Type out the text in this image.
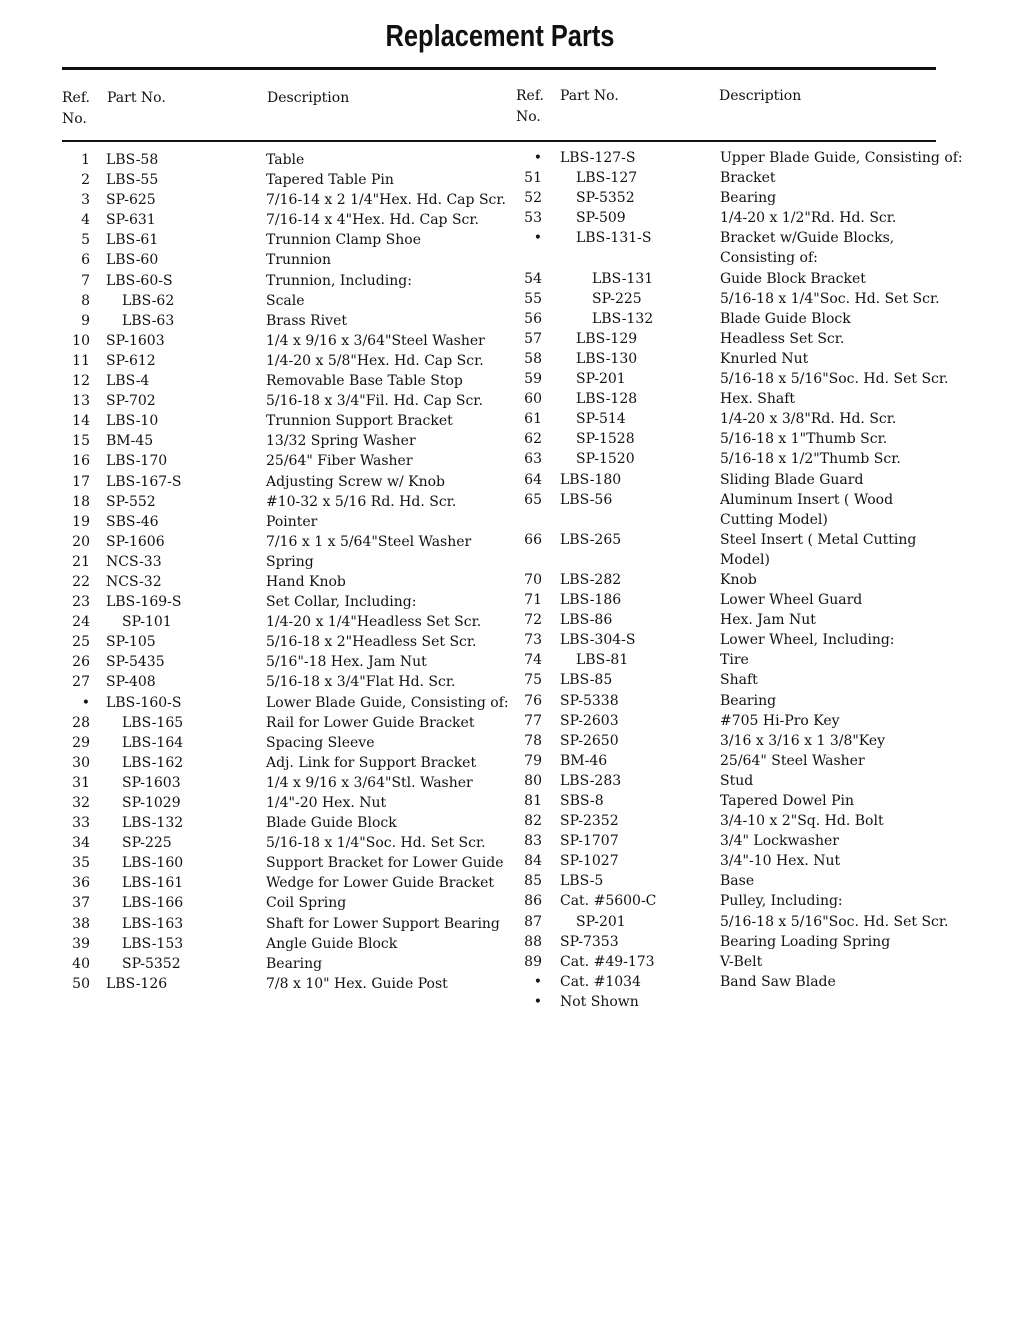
Replacement Parts
Ref.
No.
Part No.	Description	Ref.
No.
Part No.	Description
1 LBS-58	Table
2 LBS-55	Tapered Table Pin
3 SP-625	7/16-14 x 2 1/4"Hex. Hd. Cap Scr.
4 SP-631	7/16-14 x 4"Hex. Hd. Cap Scr.
5 LBS-61	Trunnion Clamp Shoe
6 LBS-60	Trunnion
7 LBS-60-S	Trunnion, Including:
8 LBS-62	Scale
9 LBS-63	Brass Rivet
10 SP-1603	1/4 x 9/16 x 3/64"Steel Washer
11 SP-612	1/4-20 x 5/8"Hex. Hd. Cap Scr.
12 LBS-4	Removable Base Table Stop
13 SP-702	5/16-18 x 3/4"Fil. Hd. Cap Scr.
14 LBS-10	Trunnion Support Bracket
15 BM-45	13/32 Spring Washer
16 LBS-170	25/64" Fiber Washer
17 LBS-167-S	Adjusting Screw w/ Knob
18 SP-552	#10-32 x 5/16 Rd. Hd. Scr.
19 SBS-46	Pointer
20 SP-1606	7/16 x 1 x 5/64"Steel Washer
21 NCS-33	Spring
22 NCS-32	Hand Knob
23 LBS-169-S	Set Collar, Including:
24 SP-101	1/4-20 x 1/4"Headless Set Scr.
25 SP-105	5/16-18 x 2"Headless Set Scr.
26 SP-5435	5/16"-18 Hex. Jam Nut
27 SP-408	5/16-18 x 3/4"Flat Hd. Scr.
• LBS-160-S	Lower Blade Guide, Consisting of:
28 LBS-165	Rail for Lower Guide Bracket
29 LBS-164	Spacing Sleeve
30 LBS-162	Adj. Link for Support Bracket
31 SP-1603	1/4 x 9/16 x 3/64"Stl. Washer
32 SP-1029	1/4"-20 Hex. Nut
33 LBS-132	Blade Guide Block
34 SP-225	5/16-18 x 1/4"Soc. Hd. Set Scr.
35 LBS-160	Support Bracket for Lower Guide
36 LBS-161	Wedge for Lower Guide Bracket
37 LBS-166	Coil Spring
38 LBS-163	Shaft for Lower Support Bearing
39 LBS-153	Angle Guide Block
40 SP-5352	Bearing
50 LBS-126	7/8 x 10" Hex. Guide Post
• LBS-127-S	Upper Blade Guide, Consisting of:
51 LBS-127	Bracket
52 SP-5352	Bearing
53 SP-509	1/4-20 x 1/2"Rd. Hd. Scr.
• LBS-131-S	Bracket w/Guide Blocks,
Consisting of:
54	LBS-131	Guide Block Bracket
55	SP-225	5/16-18 x 1/4"Soc. Hd. Set Scr.
56	LBS-132	Blade Guide Block
57 LBS-129	Headless Set Scr.
58 LBS-130	Knurled Nut
59 SP-201	5/16-18 x 5/16"Soc. Hd. Set Scr.
60 LBS-128	Hex. Shaft
61 SP-514	1/4-20 x 3/8"Rd. Hd. Scr.
62 SP-1528	5/16-18 x 1"Thumb Scr.
63 SP-1520	5/16-18 x 1/2"Thumb Scr.
64 LBS-180	Sliding Blade Guard
65 LBS-56	Aluminum Insert ( Wood
Cutting Model)
66 LBS-265	Steel Insert ( Metal Cutting
Model)
70 LBS-282	Knob
71 LBS-186	Lower Wheel Guard
72 LBS-86	Hex. Jam Nut
73 LBS-304-S	Lower Wheel, Including:
74 LBS-81	Tire
75 LBS-85	Shaft
76 SP-5338	Bearing
77 SP-2603	#705 Hi-Pro Key
78 SP-2650	3/16 x 3/16 x 1 3/8"Key
79 BM-46	25/64" Steel Washer
80 LBS-283	Stud
81 SBS-8	Tapered Dowel Pin
82 SP-2352	3/4-10 x 2"Sq. Hd. Bolt
83 SP-1707	3/4" Lockwasher
84 SP-1027	3/4"-10 Hex. Nut
85 LBS-5	Base
86 Cat. #5600-C	Pulley, Including:
87 SP-201	5/16-18 x 5/16"Soc. Hd. Set Scr.
88 SP-7353	Bearing Loading Spring
89 Cat. #49-173	V-Belt
• Cat. #1034	Band Saw Blade
• Not Shown
